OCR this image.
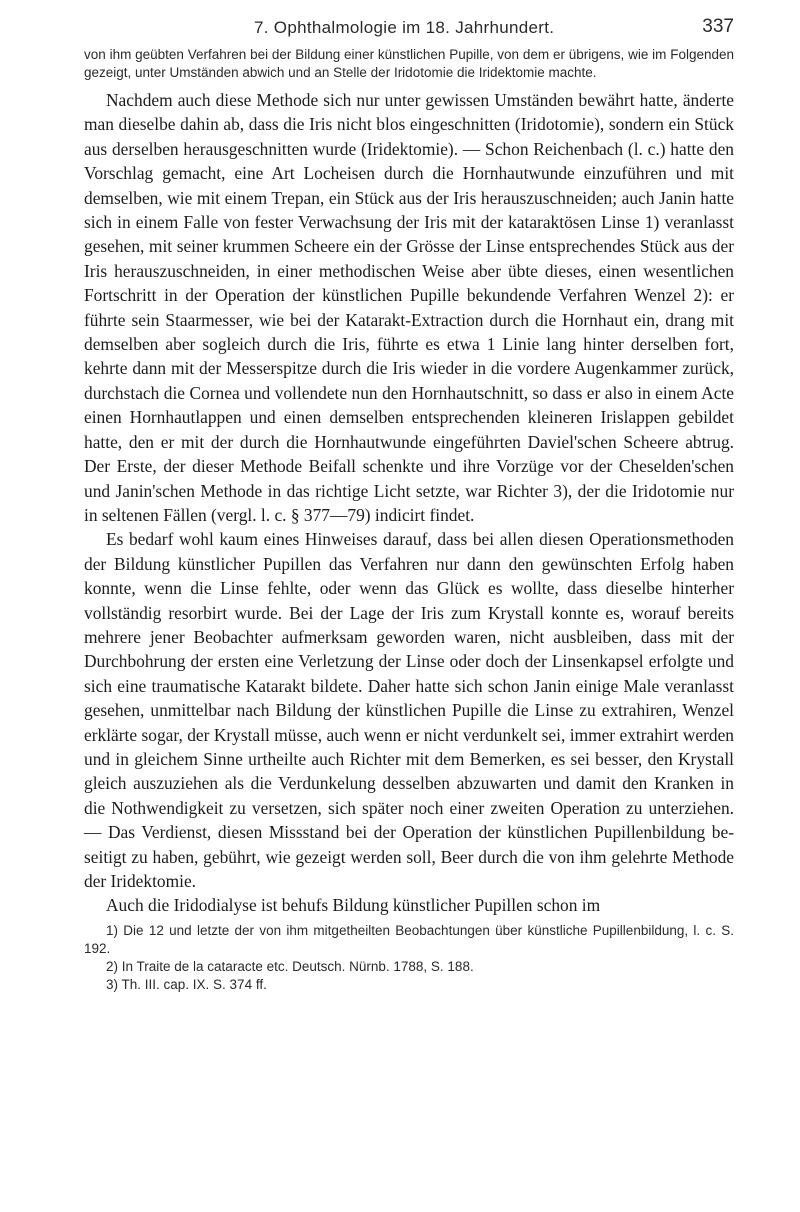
7. Ophthalmologie im 18. Jahrhundert.	337

von ihm geübten Verfahren bei der Bildung einer künstlichen Pupille, von dem er übrigens, wie im Folgenden gezeigt, unter Umständen abwich und an Stelle der Iridotomie die Iridektomie machte.

Nachdem auch diese Methode sich nur unter gewissen Umständen bewährt hatte, änderte man dieselbe dahin ab, dass die Iris nicht blos eingeschnitten (Iridotomie), sondern ein Stück aus derselben herausgeschnitten wurde (Iridektomie). — Schon Reichenbach (l. c.) hatte den Vorschlag gemacht, eine Art Locheisen durch die Hornhautwunde einzuführen und mit demselben, wie mit einem Trepan, ein Stück aus der Iris herauszuschneiden; auch Janin hatte sich in einem Falle von fester Verwachsung der Iris mit der kataraktösen Linse 1) veranlasst gesehen, mit seiner krummen Scheere ein der Grösse der Linse entsprechendes Stück aus der Iris herauszuschneiden, in einer methodischen Weise aber übte dieses, einen wesentlichen Fortschritt in der Operation der künstlichen Pupille bekundende Verfahren Wenzel 2): er führte sein Staarmesser, wie bei der Katarakt-Extraction durch die Hornhaut ein, drang mit demselben aber sogleich durch die Iris, führte es etwa 1 Linie lang hinter derselben fort, kehrte dann mit der Messerspitze durch die Iris wieder in die vordere Augenkammer zurück, durchstach die Cornea und vollendete nun den Hornhautschnitt, so dass er also in einem Acte einen Hornhautlappen und einen demselben entsprechenden kleineren Irislappen gebildet hatte, den er mit der durch die Hornhautwunde eingeführten Daviel'schen Scheere abtrug. Der Erste, der dieser Methode Beifall schenkte und ihre Vorzüge vor der Cheselden'schen und Janin'schen Methode in das richtige Licht setzte, war Richter 3), der die Iridotomie nur in seltenen Fällen (vergl. l. c. § 377—79) indicirt findet.

Es bedarf wohl kaum eines Hinweises darauf, dass bei allen diesen Operationsmethoden der Bildung künstlicher Pupillen das Verfahren nur dann den gewünschten Erfolg haben konnte, wenn die Linse fehlte, oder wenn das Glück es wollte, dass dieselbe hinterher vollständig resorbirt wurde. Bei der Lage der Iris zum Krystall konnte es, worauf bereits mehrere jener Beobachter aufmerksam geworden waren, nicht ausbleiben, dass mit der Durchbohrung der ersten eine Verletzung der Linse oder doch der Linsenkapsel erfolgte und sich eine traumatische Katarakt bildete. Daher hatte sich schon Janin einige Male veranlasst gesehen, unmittelbar nach Bildung der künstlichen Pupille die Linse zu extrahiren, Wenzel erklärte sogar, der Krystall müsse, auch wenn er nicht verdunkelt sei, immer extrahirt werden und in gleichem Sinne urtheilte auch Richter mit dem Bemerken, es sei besser, den Krystall gleich auszuziehen als die Verdunkelung desselben abzuwarten und damit den Kranken in die Nothwendigkeit zu versetzen, sich später noch einer zweiten Operation zu unterziehen. — Das Verdienst, diesen Missstand bei der Operation der künstlichen Pupillenbildung beseitigt zu haben, gebührt, wie gezeigt werden soll, Beer durch die von ihm gelehrte Methode der Iridektomie.

Auch die Iridodialyse ist behufs Bildung künstlicher Pupillen schon im

1) Die 12 und letzte der von ihm mitgetheilten Beobachtungen über künstliche Pupillenbildung, l. c. S. 192.

2) In Traite de la cataracte etc. Deutsch. Nürnb. 1788, S. 188.

3) Th. III. cap. IX. S. 374 ff.
